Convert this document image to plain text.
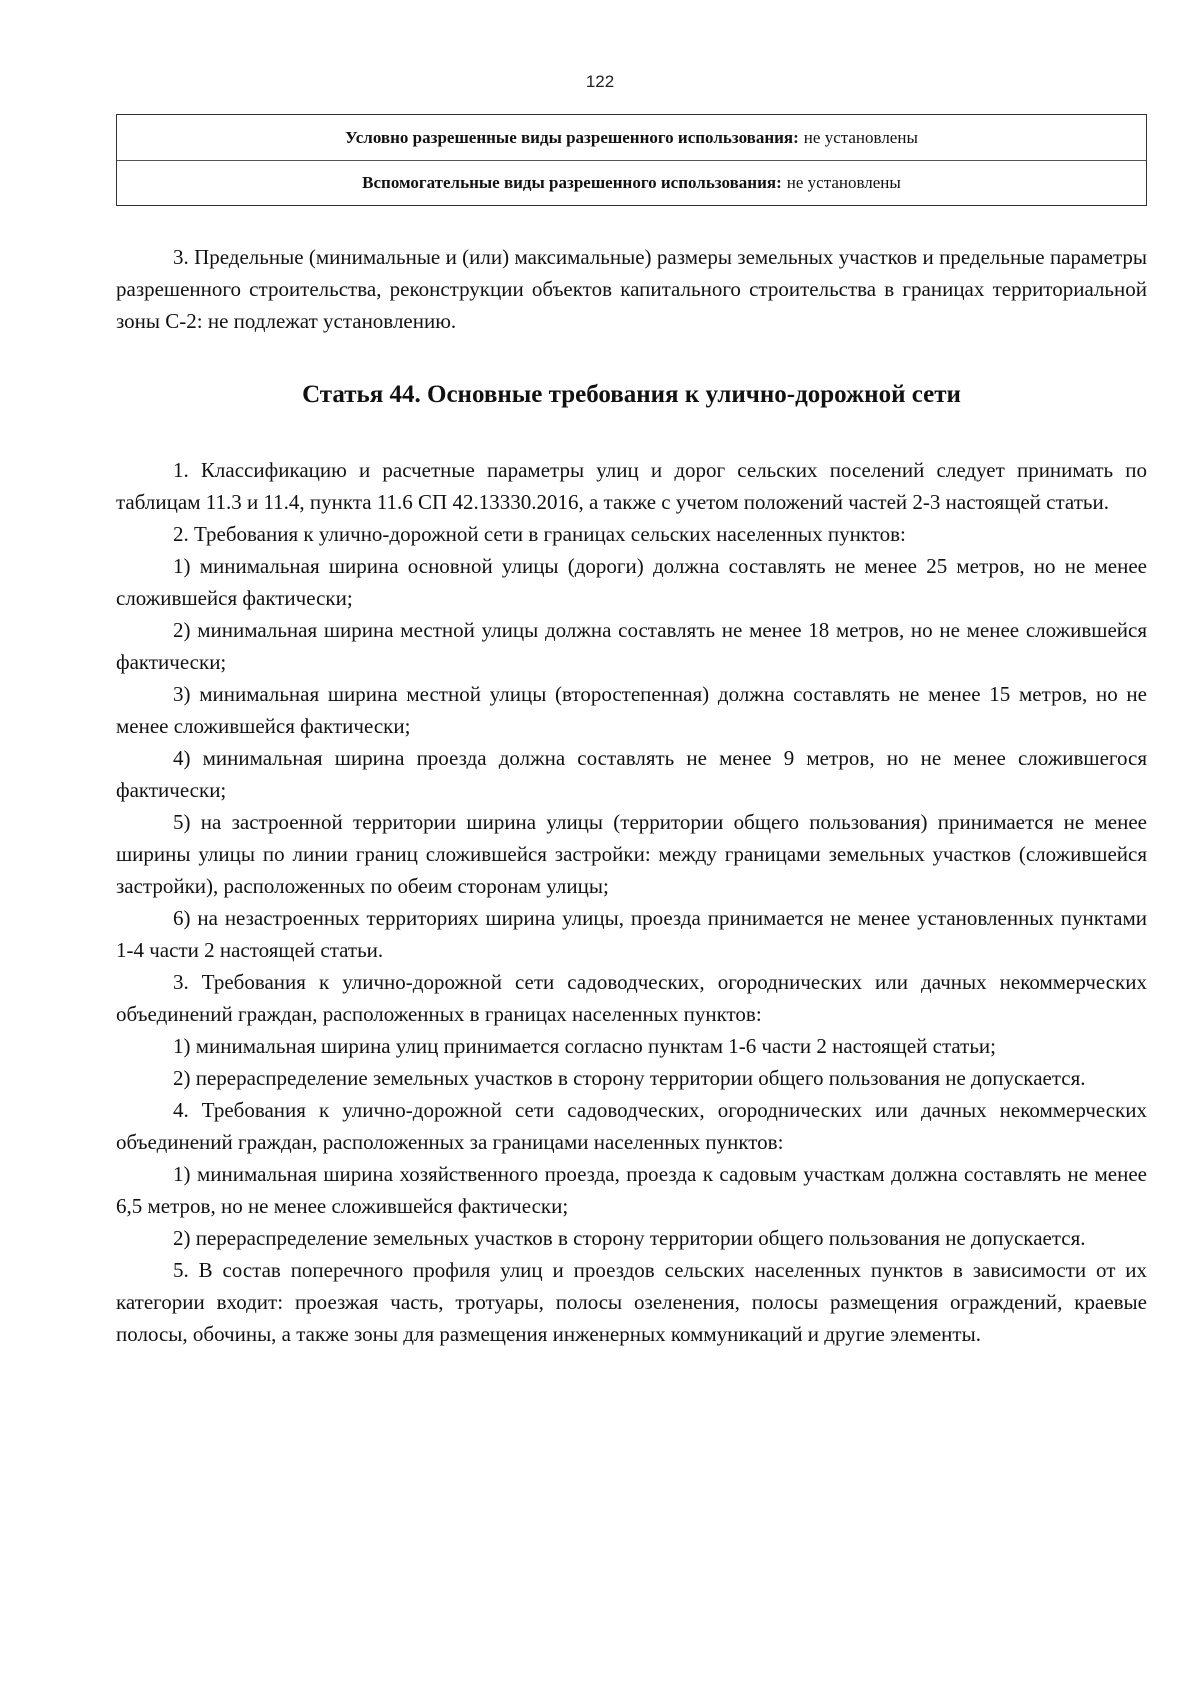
122
Условно разрешенные виды разрешенного использования: не установлены
Вспомогательные виды разрешенного использования: не установлены

3. Предельные (минимальные и (или) максимальные) размеры земельных участков и предельные параметры разрешенного строительства, реконструкции объектов капитального строительства в границах территориальной зоны С-2: не подлежат установлению.

Статья 44. Основные требования к улично-дорожной сети

1. Классификацию и расчетные параметры улиц и дорог сельских поселений следует принимать по таблицам 11.3 и 11.4, пункта 11.6 СП 42.13330.2016, а также с учетом положений частей 2-3 настоящей статьи.

2. Требования к улично-дорожной сети в границах сельских населенных пунктов:

1) минимальная ширина основной улицы (дороги) должна составлять не менее 25 метров, но не менее сложившейся фактически;

2) минимальная ширина местной улицы должна составлять не менее 18 метров, но не менее сложившейся фактически;

3) минимальная ширина местной улицы (второстепенная) должна составлять не менее 15 метров, но не менее сложившейся фактически;

4) минимальная ширина проезда должна составлять не менее 9 метров, но не менее сложившегося фактически;

5) на застроенной территории ширина улицы (территории общего пользования) принимается не менее ширины улицы по линии границ сложившейся застройки: между границами земельных участков (сложившейся застройки), расположенных по обеим сторонам улицы;

6) на незастроенных территориях ширина улицы, проезда принимается не менее установленных пунктами 1-4 части 2 настоящей статьи.

3. Требования к улично-дорожной сети садоводческих, огороднических или дачных некоммерческих объединений граждан, расположенных в границах населенных пунктов:

1) минимальная ширина улиц принимается согласно пунктам 1-6 части 2 настоящей статьи;

2) перераспределение земельных участков в сторону территории общего пользования не допускается.

4. Требования к улично-дорожной сети садоводческих, огороднических или дачных некоммерческих объединений граждан, расположенных за границами населенных пунктов:

1) минимальная ширина хозяйственного проезда, проезда к садовым участкам должна составлять не менее 6,5 метров, но не менее сложившейся фактически;

2) перераспределение земельных участков в сторону территории общего пользования не допускается.

5. В состав поперечного профиля улиц и проездов сельских населенных пунктов в зависимости от их категории входит: проезжая часть, тротуары, полосы озеленения, полосы размещения ограждений, краевые полосы, обочины, а также зоны для размещения инженерных коммуникаций и другие элементы.
